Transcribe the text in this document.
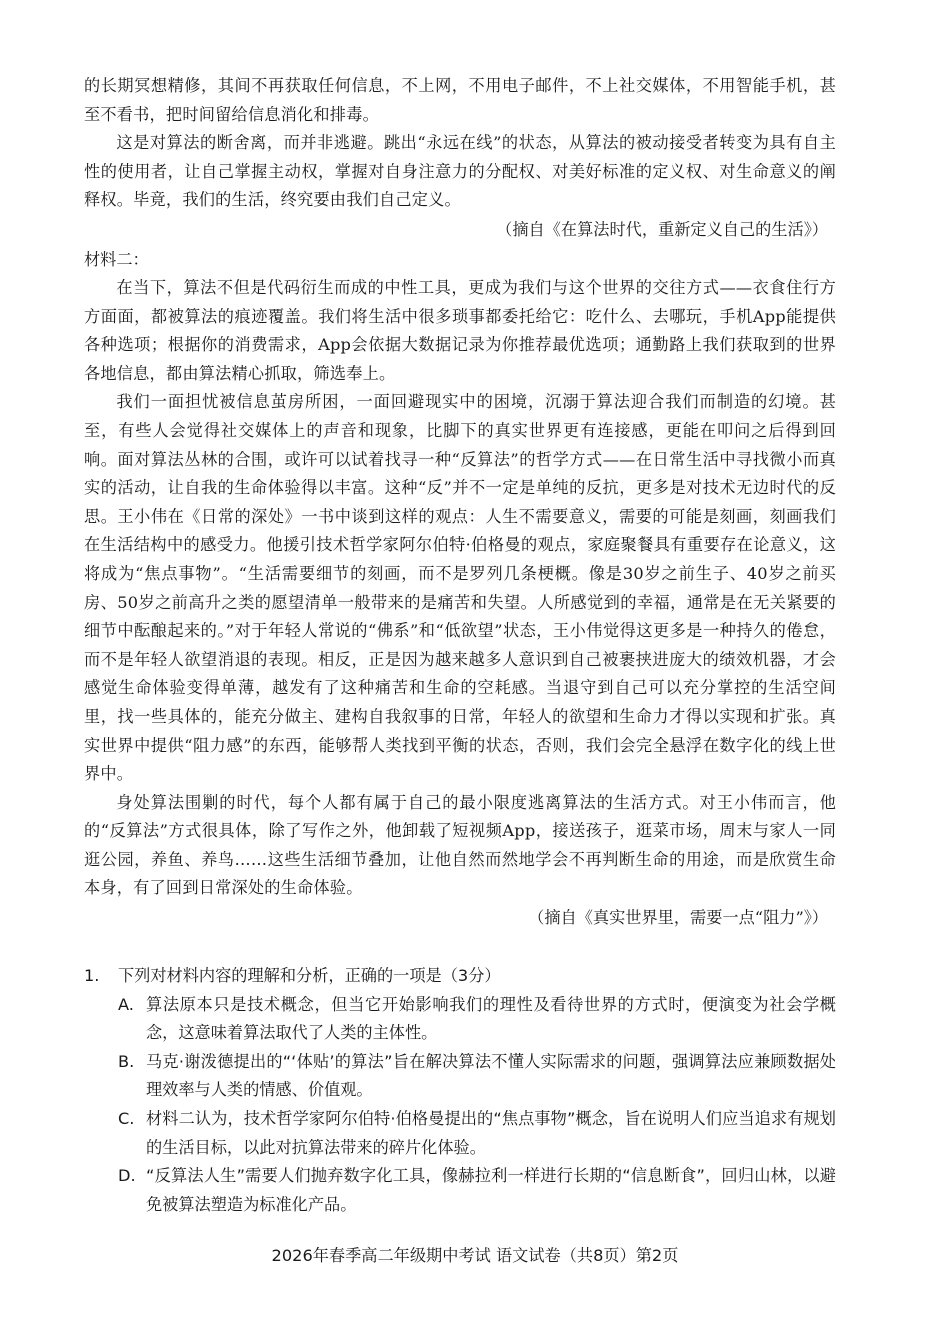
的长期冥想精修，其间不再获取任何信息，不上网，不用电子邮件，不上社交媒体，不用智能手机，甚至不看书，把时间留给信息消化和排毒。

这是对算法的断舍离，而并非逃避。跳出“永远在线”的状态，从算法的被动接受者转变为具有自主性的使用者，让自己掌握主动权，掌握对自身注意力的分配权、对美好标准的定义权、对生命意义的阐释权。毕竟，我们的生活，终究要由我们自己定义。

（摘自《在算法时代，重新定义自己的生活》）
材料二：

在当下，算法不但是代码衍生而成的中性工具，更成为我们与这个世界的交往方式——衣食住行方方面面，都被算法的痕迹覆盖。我们将生活中很多琐事都委托给它：吃什么、去哪玩，手机App能提供各种选项；根据你的消费需求，App会依据大数据记录为你推荐最优选项；通勤路上我们获取到的世界各地信息，都由算法精心抓取，筛选奉上。

我们一面担忧被信息茧房所困，一面回避现实中的困境，沉溺于算法迎合我们而制造的幻境。甚至，有些人会觉得社交媒体上的声音和现象，比脚下的真实世界更有连接感，更能在叩问之后得到回响。面对算法丛林的合围，或许可以试着找寻一种“反算法”的哲学方式——在日常生活中寻找微小而真实的活动，让自我的生命体验得以丰富。这种“反”并不一定是单纯的反抗，更多是对技术无边时代的反思。王小伟在《日常的深处》一书中谈到这样的观点：人生不需要意义，需要的可能是刻画，刻画我们在生活结构中的感受力。他援引技术哲学家阿尔伯特·伯格曼的观点，家庭聚餐具有重要存在论意义，这将成为“焦点事物”。“生活需要细节的刻画，而不是罗列几条梗概。像是30岁之前生子、40岁之前买房、50岁之前高升之类的愿望清单一般带来的是痛苦和失望。人所感觉到的幸福，通常是在无关紧要的细节中酝酿起来的。”对于年轻人常说的“佛系”和“低欲望”状态，王小伟觉得这更多是一种持久的倦怠，而不是年轻人欲望消退的表现。相反，正是因为越来越多人意识到自己被裹挟进庞大的绩效机器，才会感觉生命体验变得单薄，越发有了这种痛苦和生命的空耗感。当退守到自己可以充分掌控的生活空间里，找一些具体的，能充分做主、建构自我叙事的日常，年轻人的欲望和生命力才得以实现和扩张。真实世界中提供“阻力感”的东西，能够帮人类找到平衡的状态，否则，我们会完全悬浮在数字化的线上世界中。

身处算法围剿的时代，每个人都有属于自己的最小限度逃离算法的生活方式。对王小伟而言，他的“反算法”方式很具体，除了写作之外，他卸载了短视频App，接送孩子，逛菜市场，周末与家人一同逛公园，养鱼、养鸟……这些生活细节叠加，让他自然而然地学会不再判断生命的用途，而是欣赏生命本身，有了回到日常深处的生命体验。

（摘自《真实世界里，需要一点“阻力”》）

1.	下列对材料内容的理解和分析，正确的一项是（3分）

A. 算法原本只是技术概念，但当它开始影响我们的理性及看待世界的方式时，便演变为社会学概念，这意味着算法取代了人类的主体性。

B. 马克·谢泼德提出的“‘体贴’的算法”旨在解决算法不懂人实际需求的问题，强调算法应兼顾数据处理效率与人类的情感、价值观。

C. 材料二认为，技术哲学家阿尔伯特·伯格曼提出的“焦点事物”概念，旨在说明人们应当追求有规划的生活目标，以此对抗算法带来的碎片化体验。

D. “反算法人生”需要人们抛弃数字化工具，像赫拉利一样进行长期的“信息断食”，回归山林，以避免被算法塑造为标准化产品。

2026年春季高二年级期中考试 语文试卷（共8页）第2页
